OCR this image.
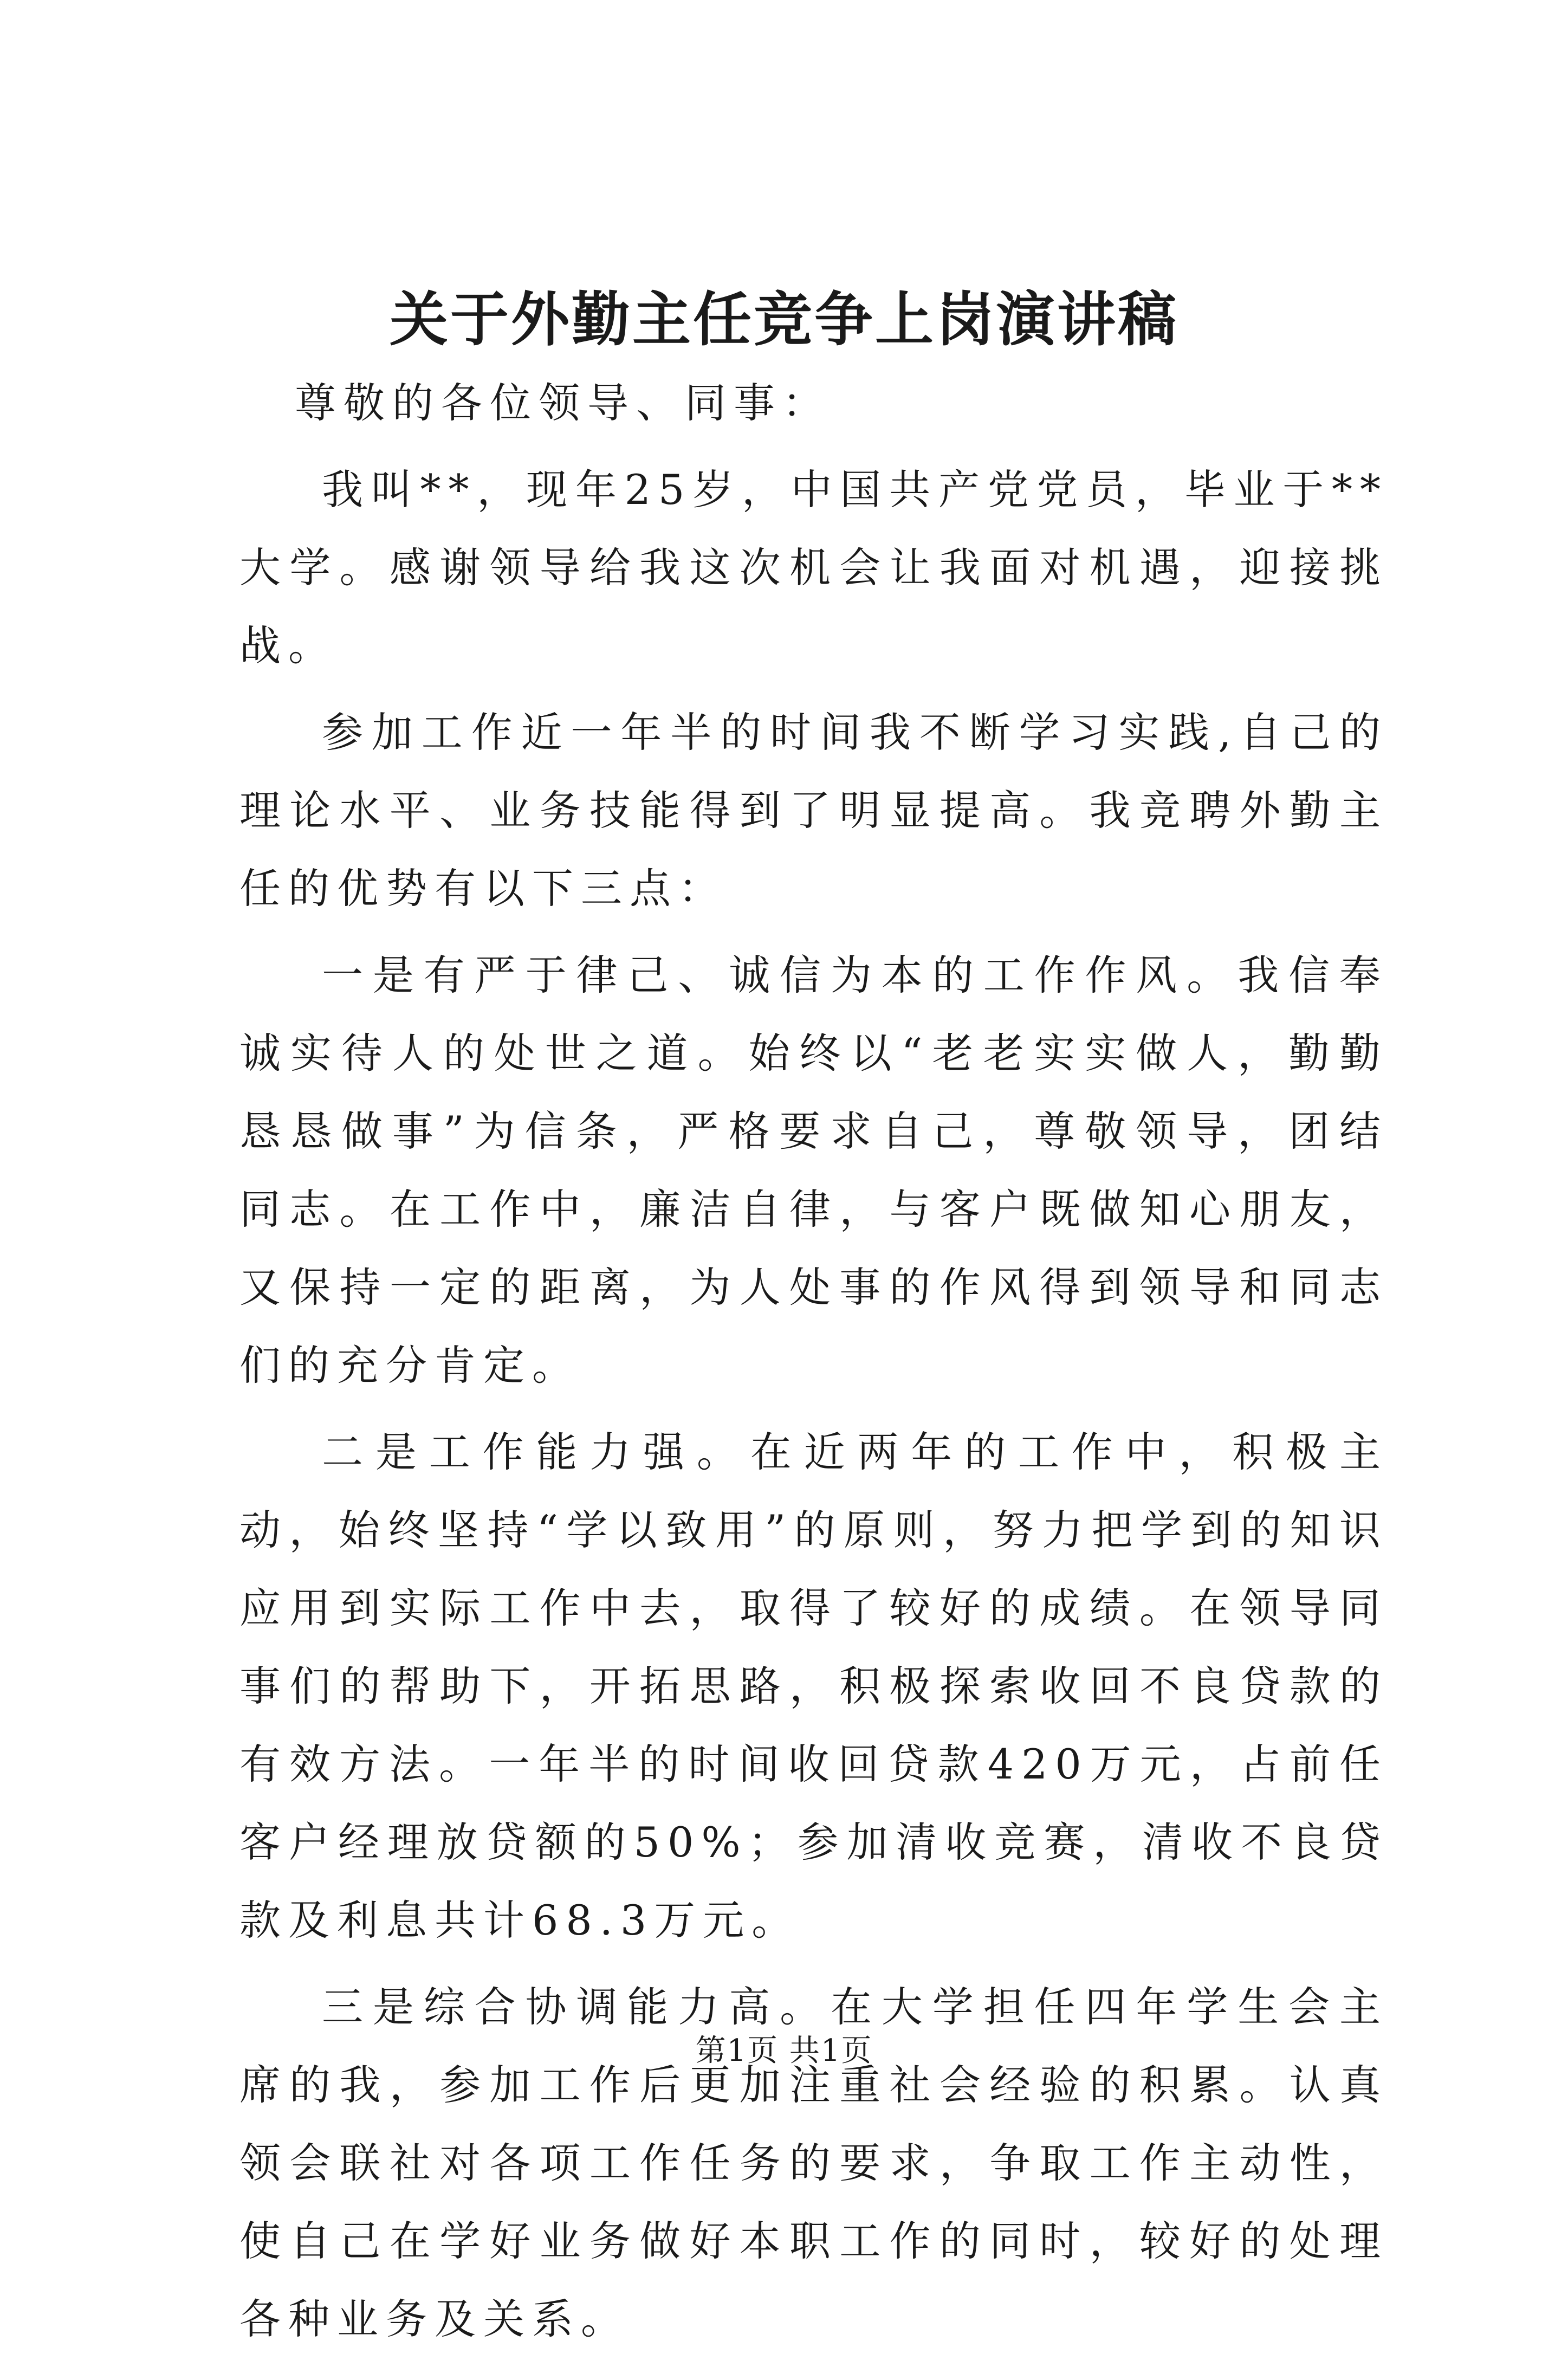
关于外勤主任竞争上岗演讲稿

尊敬的各位领导、同事：

我叫**，现年25岁，中国共产党党员，毕业于**大学。感谢领导给我这次机会让我面对机遇，迎接挑战。

参加工作近一年半的时间我不断学习实践,自己的理论水平、业务技能得到了明显提高。我竞聘外勤主任的优势有以下三点：

一是有严于律己、诚信为本的工作作风。我信奉诚实待人的处世之道。始终以“老老实实做人，勤勤恳恳做事”为信条，严格要求自己，尊敬领导，团结同志。在工作中，廉洁自律，与客户既做知心朋友，又保持一定的距离，为人处事的作风得到领导和同志们的充分肯定。

二是工作能力强。在近两年的工作中，积极主动，始终坚持“学以致用”的原则，努力把学到的知识应用到实际工作中去，取得了较好的成绩。在领导同事们的帮助下，开拓思路，积极探索收回不良贷款的有效方法。一年半的时间收回贷款420万元，占前任客户经理放贷额的50%；参加清收竞赛，清收不良贷款及利息共计68.3万元。

三是综合协调能力高。在大学担任四年学生会主席的我，参加工作后更加注重社会经验的积累。认真领会联社对各项工作任务的要求，争取工作主动性，使自己在学好业务做好本职工作的同时，较好的处理各种业务及关系。

第1页 共1页
